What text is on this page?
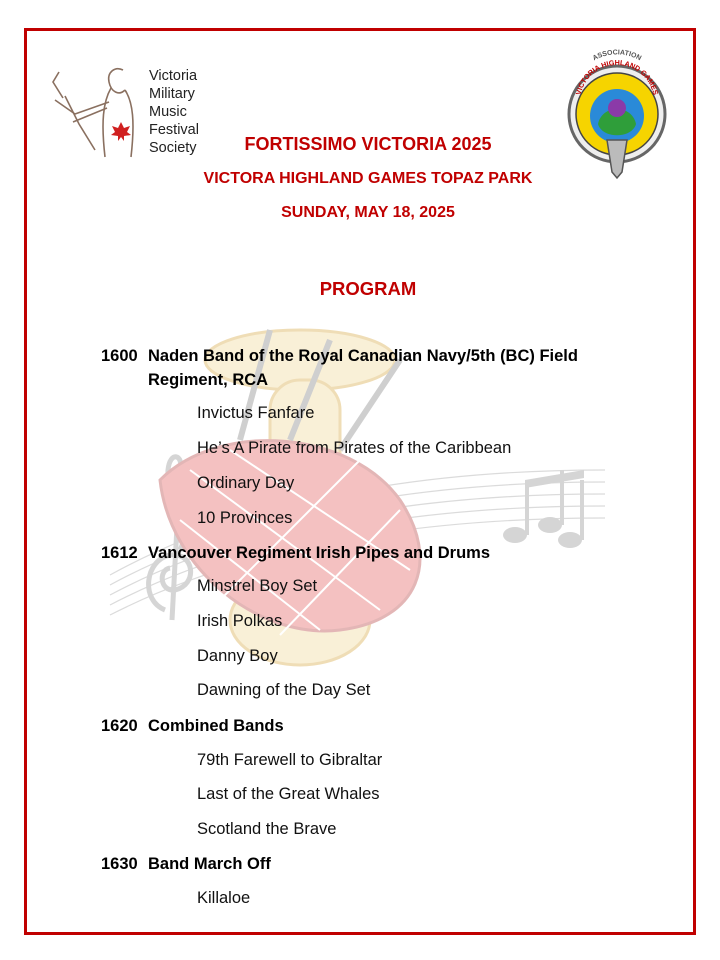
Victoria
Military
Music
Festival
Society
VICTORIA HIGHLAND GAMES
ASSOCIATION
FORTISSIMO VICTORIA 2025
VICTORA HIGHLAND GAMES TOPAZ PARK
SUNDAY, MAY 18, 2025
PROGRAM
1600 Naden Band of the Royal Canadian Navy/5th (BC) Field
Regiment, RCA
Invictus Fanfare
He’s A Pirate from Pirates of the Caribbean
Ordinary Day
10 Provinces
1612 Vancouver Regiment Irish Pipes and Drums
Minstrel Boy Set
Irish Polkas
Danny Boy
Dawning of the Day Set
1620 Combined Bands
79th Farewell to Gibraltar
Last of the Great Whales
Scotland the Brave
1630 Band March Off
Killaloe
